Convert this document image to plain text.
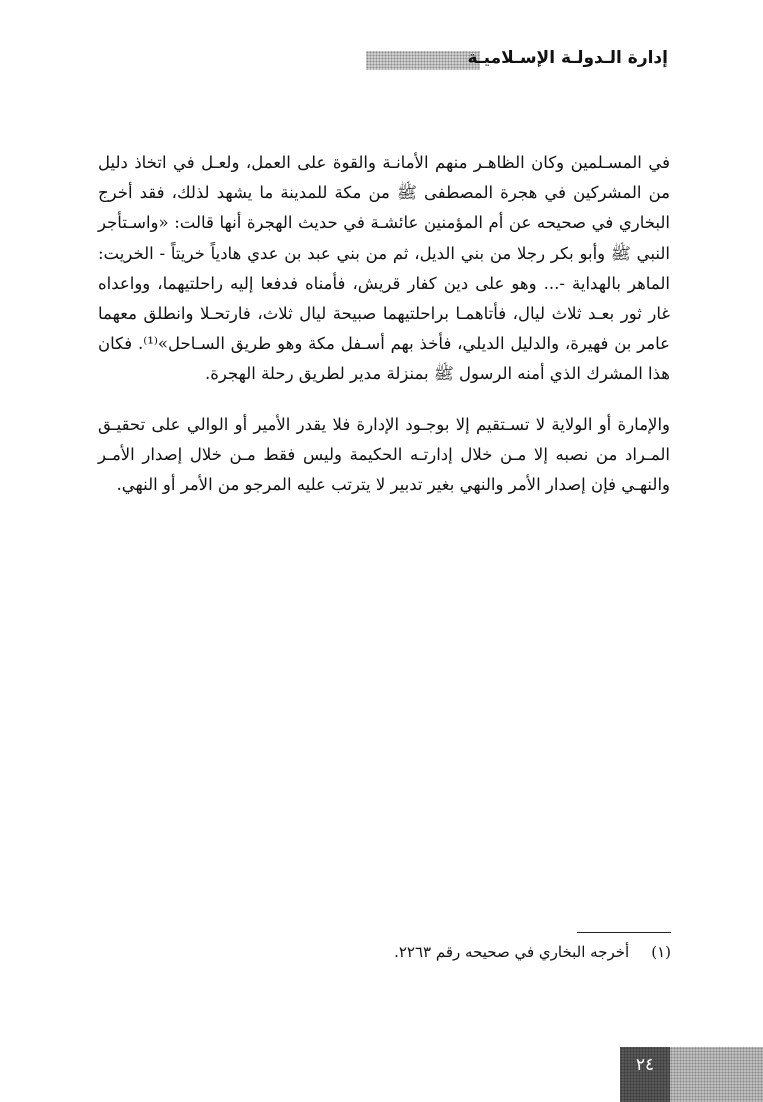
إدارة الـدولـة الإسـلاميـة

في المسـلمين وكان الظاهـر منهم الأمانـة والقوة على العمل، ولعـل في اتخاذ دليل من المشركين في هجرة المصطفى ﷺ من مكة للمدينة ما يشهد لذلك، فقد أخرج البخاري في صحيحه عن أم المؤمنين عائشـة في حديث الهجرة أنها قالت: «واسـتأجر النبي ﷺ وأبو بكر رجلا من بني الديل، ثم من بني عبد بن عدي هادياً خريتاً - الخريت: الماهر بالهداية -... وهو على دين كفار قريش، فأمناه فدفعا إليه راحلتيهما، وواعداه غار ثور بعـد ثلاث ليال، فأتاهمـا براحلتيهما صبيحة ليال ثلاث، فارتحـلا وانطلق معهما عامر بن فهيرة، والدليل الديلي، فأخذ بهم أسـفل مكة وهو طريق السـاحل»⁽¹⁾. فكان هذا المشرك الذي أمنه الرسول ﷺ بمنزلة مدير لطريق رحلة الهجرة.

والإمارة أو الولاية لا تسـتقيم إلا بوجـود الإدارة فلا يقدر الأمير أو الوالي على تحقيـق المـراد من نصبه إلا مـن خلال إدارتـه الحكيمة وليس فقط مـن خلال إصدار الأمـر والنهـي فإن إصدار الأمر والنهي بغير تدبير لا يترتب عليه المرجو من الأمر أو النهي.

(١)أخرجه البخاري في صحيحه رقم ٢٢٦٣.
٢٤
